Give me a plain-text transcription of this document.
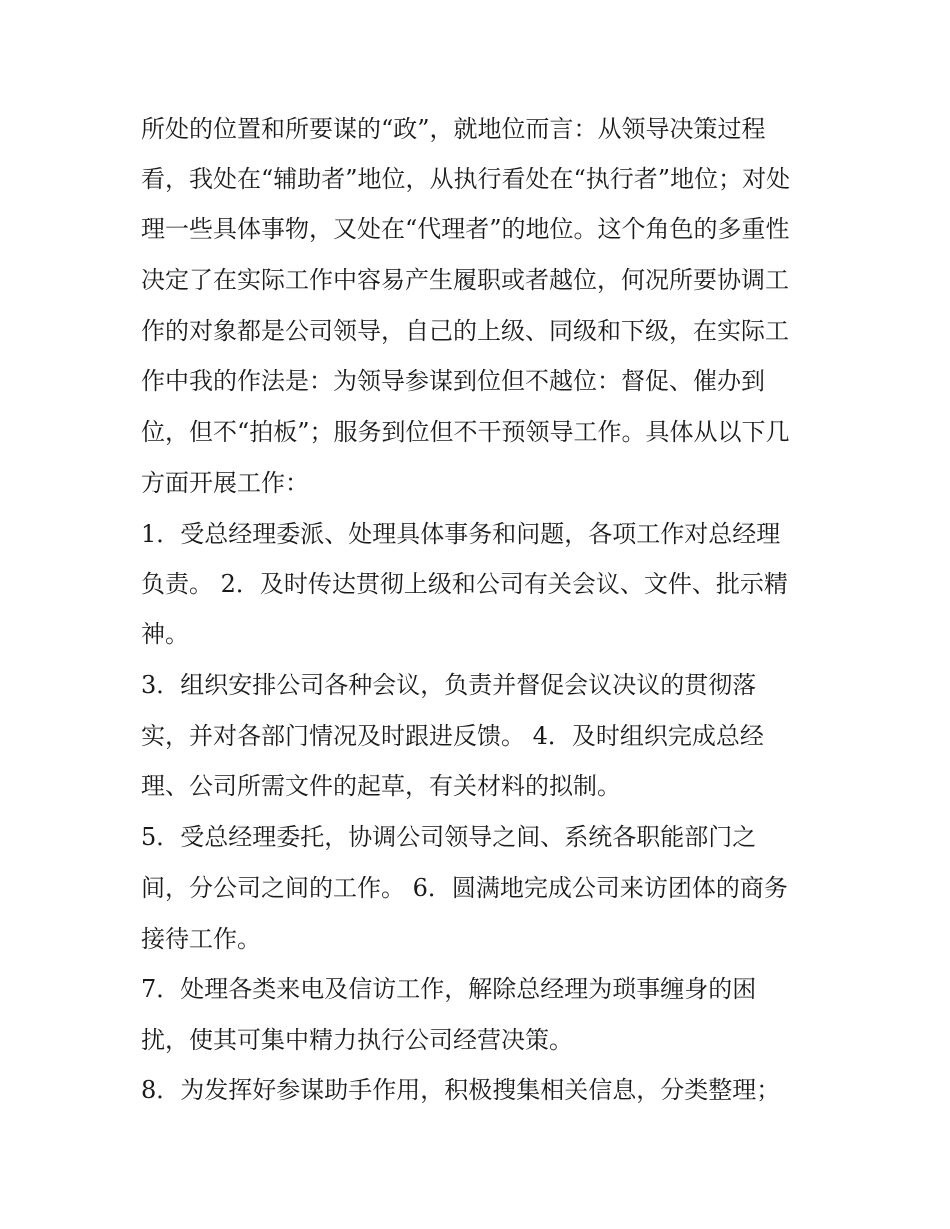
所处的位置和所要谋的“政”，就地位而言：从领导决策过程
看，我处在“辅助者”地位，从执行看处在“执行者”地位；对处
理一些具体事物，又处在“代理者”的地位。这个角色的多重性
决定了在实际工作中容易产生履职或者越位，何况所要协调工
作的对象都是公司领导，自己的上级、同级和下级，在实际工
作中我的作法是：为领导参谋到位但不越位：督促、催办到
位，但不“拍板”；服务到位但不干预领导工作。具体从以下几
方面开展工作：
1．受总经理委派、处理具体事务和问题，各项工作对总经理
负责。 2．及时传达贯彻上级和公司有关会议、文件、批示精
神。
3．组织安排公司各种会议，负责并督促会议决议的贯彻落
实，并对各部门情况及时跟进反馈。 4．及时组织完成总经
理、公司所需文件的起草，有关材料的拟制。
5．受总经理委托，协调公司领导之间、系统各职能部门之
间，分公司之间的工作。 6．圆满地完成公司来访团体的商务
接待工作。
7．处理各类来电及信访工作，解除总经理为琐事缠身的困
扰，使其可集中精力执行公司经营决策。
8．为发挥好参谋助手作用，积极搜集相关信息，分类整理；
